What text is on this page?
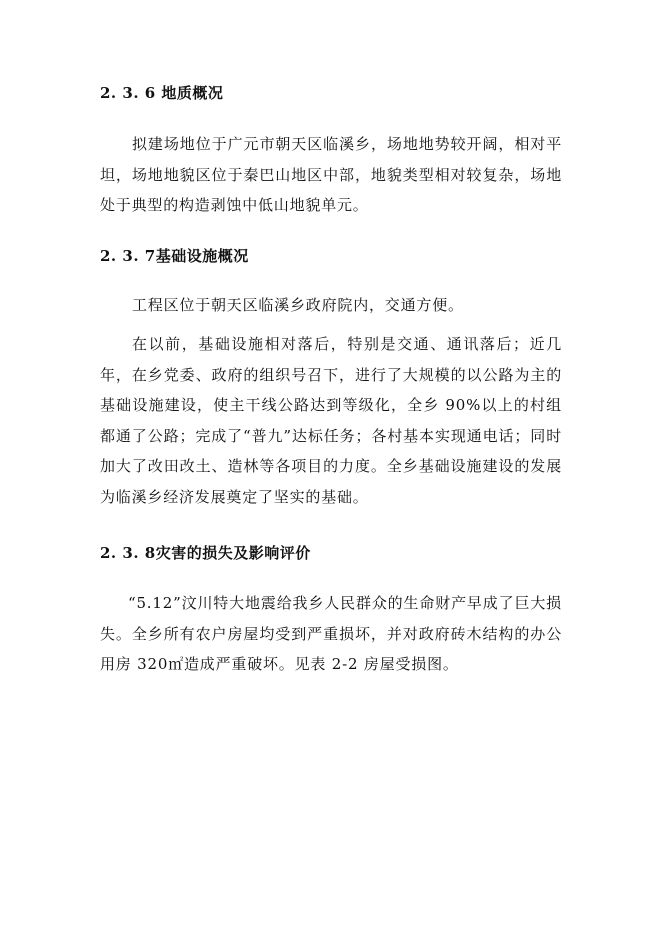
2. 3. 6 地质概况

拟建场地位于广元市朝天区临溪乡，场地地势较开阔，相对平坦，场地地貌区位于秦巴山地区中部，地貌类型相对较复杂，场地处于典型的构造剥蚀中低山地貌单元。

2. 3. 7基础设施概况

工程区位于朝天区临溪乡政府院内，交通方便。

在以前，基础设施相对落后，特别是交通、通讯落后；近几年，在乡党委、政府的组织号召下，进行了大规模的以公路为主的基础设施建设，使主干线公路达到等级化，全乡 90%以上的村组都通了公路；完成了“普九”达标任务；各村基本实现通电话；同时加大了改田改土、造林等各项目的力度。全乡基础设施建设的发展为临溪乡经济发展奠定了坚实的基础。

2. 3. 8灾害的损失及影响评价

“5.12”汶川特大地震给我乡人民群众的生命财产早成了巨大损失。全乡所有农户房屋均受到严重损坏，并对政府砖木结构的办公用房 320㎡造成严重破坏。见表 2-2 房屋受损图。
